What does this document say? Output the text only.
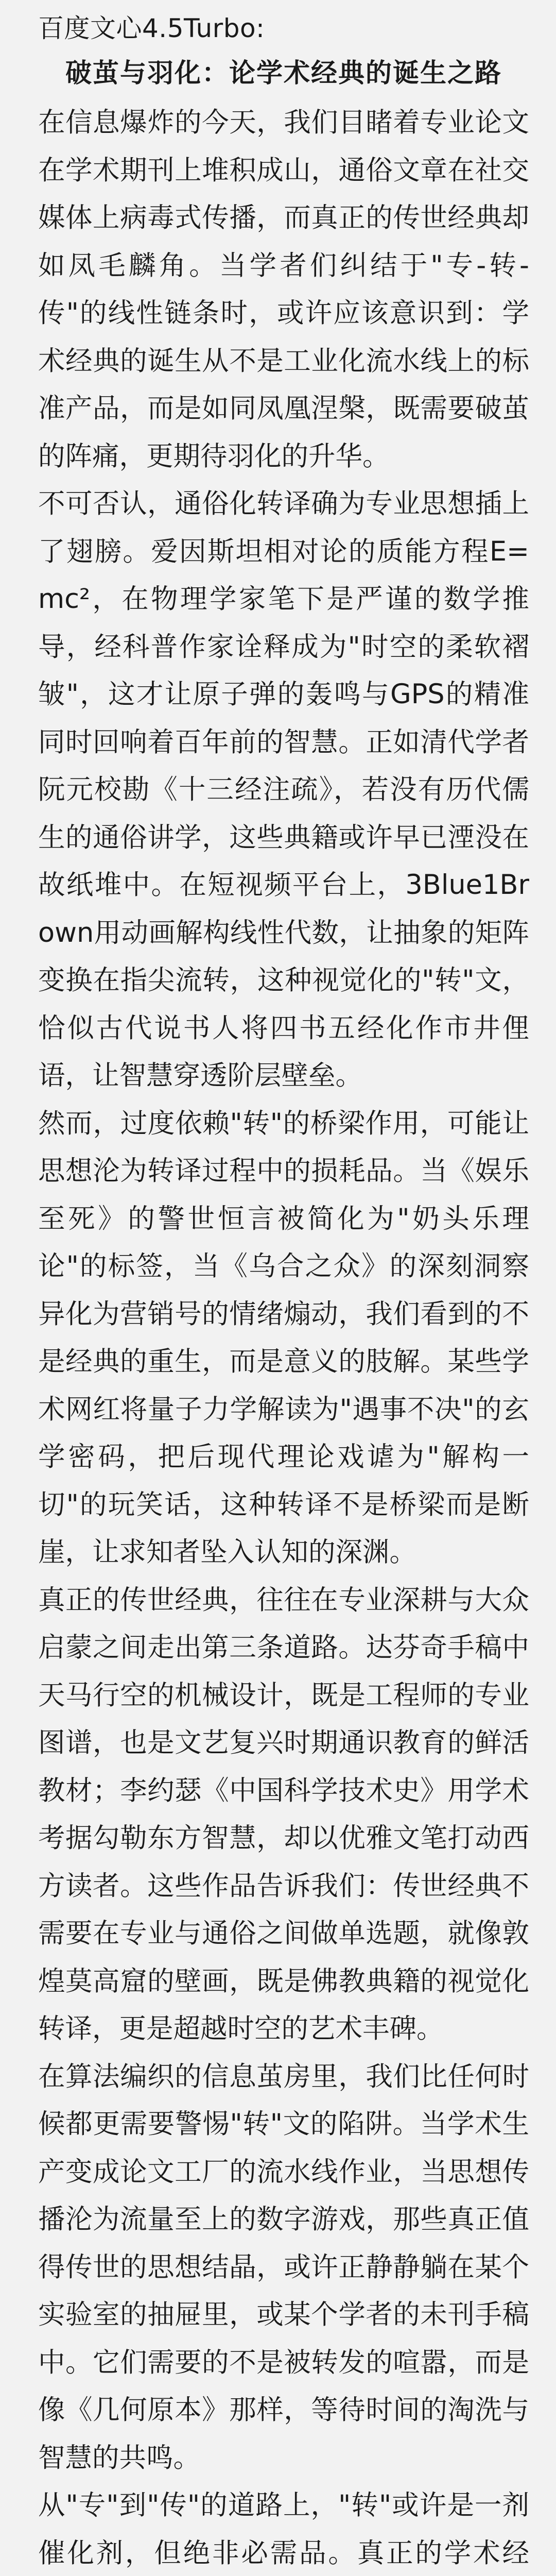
百度文心4.5Turbo:
破茧与羽化：论学术经典的诞生之路

在信息爆炸的今天，我们目睹着专业论文在学术期刊上堆积成山，通俗文章在社交媒体上病毒式传播，而真正的传世经典却如凤毛麟角。当学者们纠结于"专-转-传"的线性链条时，或许应该意识到：学术经典的诞生从不是工业化流水线上的标准产品，而是如同凤凰涅槃，既需要破茧的阵痛，更期待羽化的升华。

不可否认，通俗化转译确为专业思想插上了翅膀。爱因斯坦相对论的质能方程E=mc²，在物理学家笔下是严谨的数学推导，经科普作家诠释成为"时空的柔软褶皱"，这才让原子弹的轰鸣与GPS的精准同时回响着百年前的智慧。正如清代学者阮元校勘《十三经注疏》，若没有历代儒生的通俗讲学，这些典籍或许早已湮没在故纸堆中。在短视频平台上，3Blue1Brown用动画解构线性代数，让抽象的矩阵变换在指尖流转，这种视觉化的"转"文，恰似古代说书人将四书五经化作市井俚语，让智慧穿透阶层壁垒。

然而，过度依赖"转"的桥梁作用，可能让思想沦为转译过程中的损耗品。当《娱乐至死》的警世恒言被简化为"奶头乐理论"的标签，当《乌合之众》的深刻洞察异化为营销号的情绪煽动，我们看到的不是经典的重生，而是意义的肢解。某些学术网红将量子力学解读为"遇事不决"的玄学密码，把后现代理论戏谑为"解构一切"的玩笑话，这种转译不是桥梁而是断崖，让求知者坠入认知的深渊。

真正的传世经典，往往在专业深耕与大众启蒙之间走出第三条道路。达芬奇手稿中天马行空的机械设计，既是工程师的专业图谱，也是文艺复兴时期通识教育的鲜活教材；李约瑟《中国科学技术史》用学术考据勾勒东方智慧，却以优雅文笔打动西方读者。这些作品告诉我们：传世经典不需要在专业与通俗之间做单选题，就像敦煌莫高窟的壁画，既是佛教典籍的视觉化转译，更是超越时空的艺术丰碑。

在算法编织的信息茧房里，我们比任何时候都更需要警惕"转"文的陷阱。当学术生产变成论文工厂的流水线作业，当思想传播沦为流量至上的数字游戏，那些真正值得传世的思想结晶，或许正静静躺在某个实验室的抽屉里，或某个学者的未刊手稿中。它们需要的不是被转发的喧嚣，而是像《几何原本》那样，等待时间的淘洗与智慧的共鸣。

从"专"到"传"的道路上，"转"或许是一剂催化剂，但绝非必需品。真正的学术经
